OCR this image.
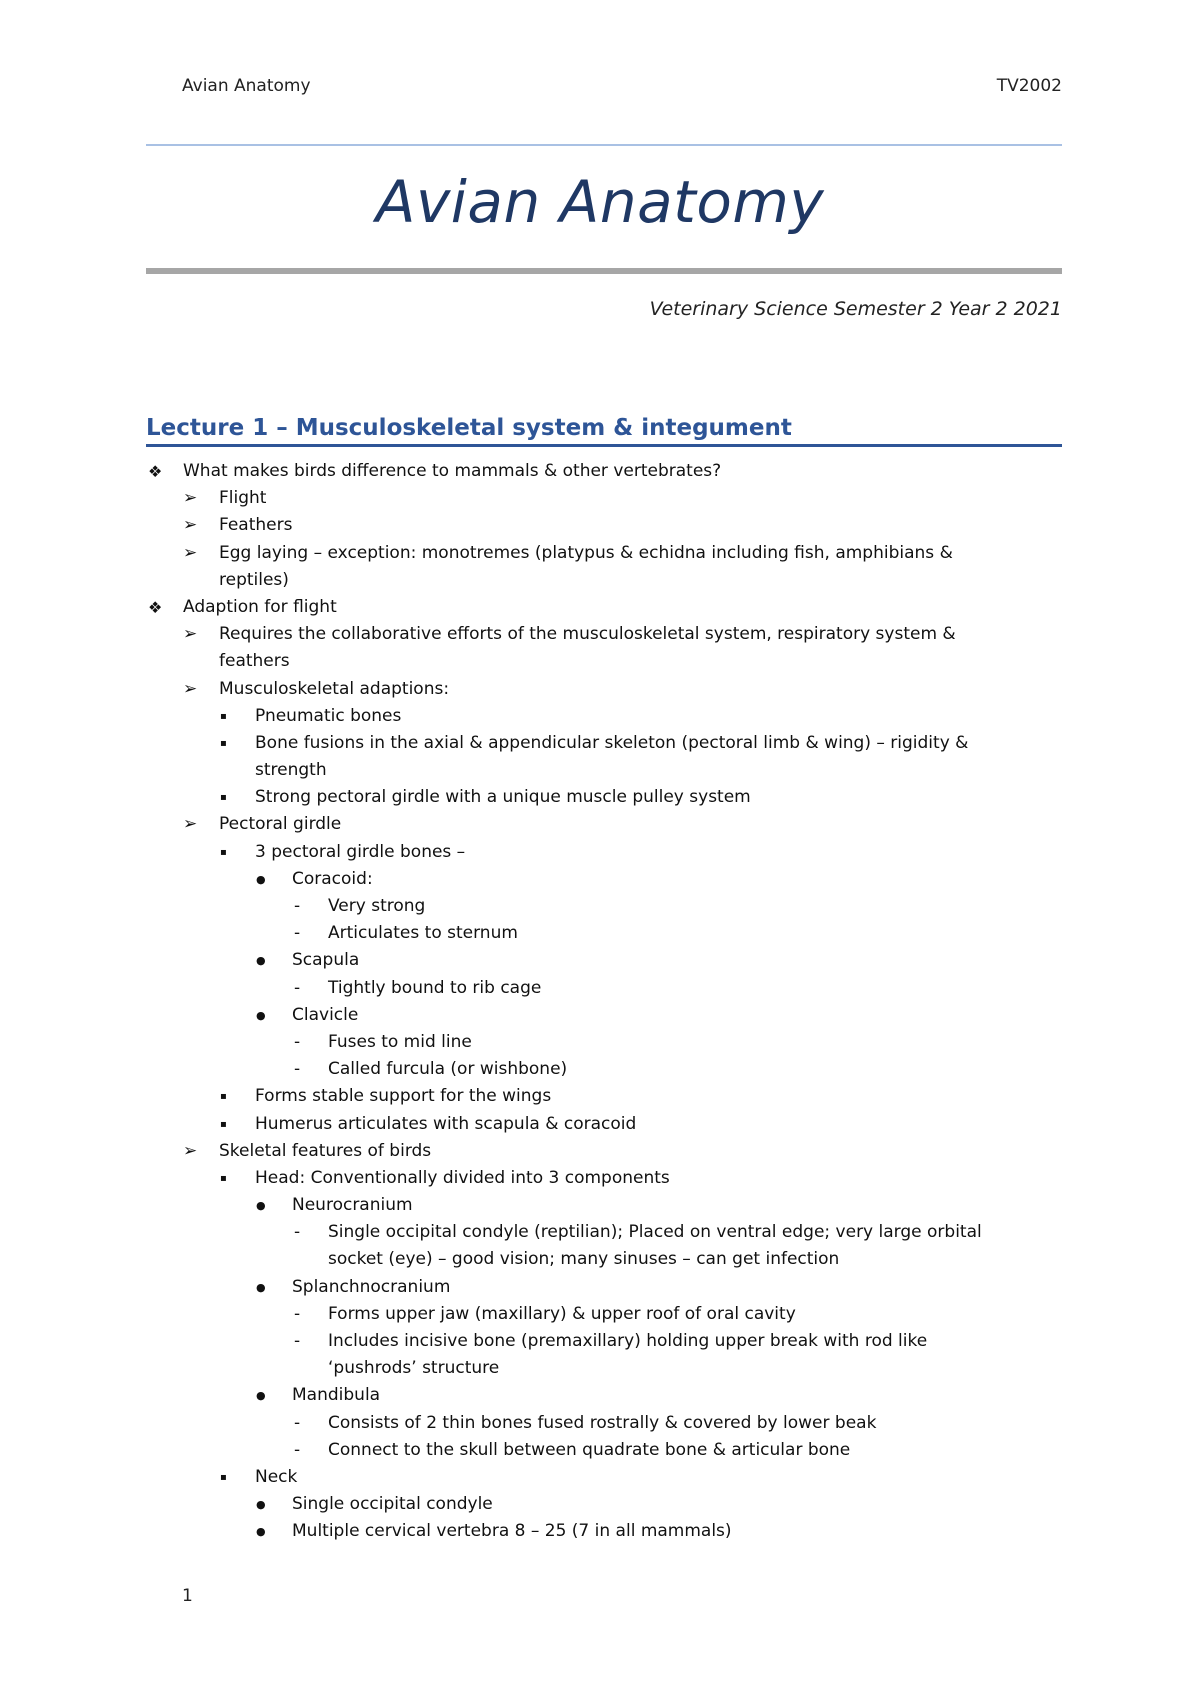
Avian Anatomy	TV2002
Avian Anatomy
Veterinary Science Semester 2 Year 2 2021
Lecture 1 – Musculoskeletal system & integument
❖ What makes birds difference to mammals & other vertebrates?
➢ Flight
➢ Feathers
➢ Egg laying – exception: monotremes (platypus & echidna including fish, amphibians &
reptiles)
❖ Adaption for flight
➢ Requires the collaborative efforts of the musculoskeletal system, respiratory system &
feathers
➢ Musculoskeletal adaptions:
▪ Pneumatic bones
▪ Bone fusions in the axial & appendicular skeleton (pectoral limb & wing) – rigidity &
strength
▪ Strong pectoral girdle with a unique muscle pulley system
➢ Pectoral girdle
▪ 3 pectoral girdle bones –
● Coracoid:
- Very strong
- Articulates to sternum
● Scapula
- Tightly bound to rib cage
● Clavicle
- Fuses to mid line
- Called furcula (or wishbone)
▪ Forms stable support for the wings
▪ Humerus articulates with scapula & coracoid
➢ Skeletal features of birds
▪ Head: Conventionally divided into 3 components
● Neurocranium
- Single occipital condyle (reptilian); Placed on ventral edge; very large orbital
socket (eye) – good vision; many sinuses – can get infection
● Splanchnocranium
- Forms upper jaw (maxillary) & upper roof of oral cavity
- Includes incisive bone (premaxillary) holding upper break with rod like
‘pushrods’ structure
● Mandibula
- Consists of 2 thin bones fused rostrally & covered by lower beak
- Connect to the skull between quadrate bone & articular bone
▪ Neck
● Single occipital condyle
● Multiple cervical vertebra 8 – 25 (7 in all mammals)
1
